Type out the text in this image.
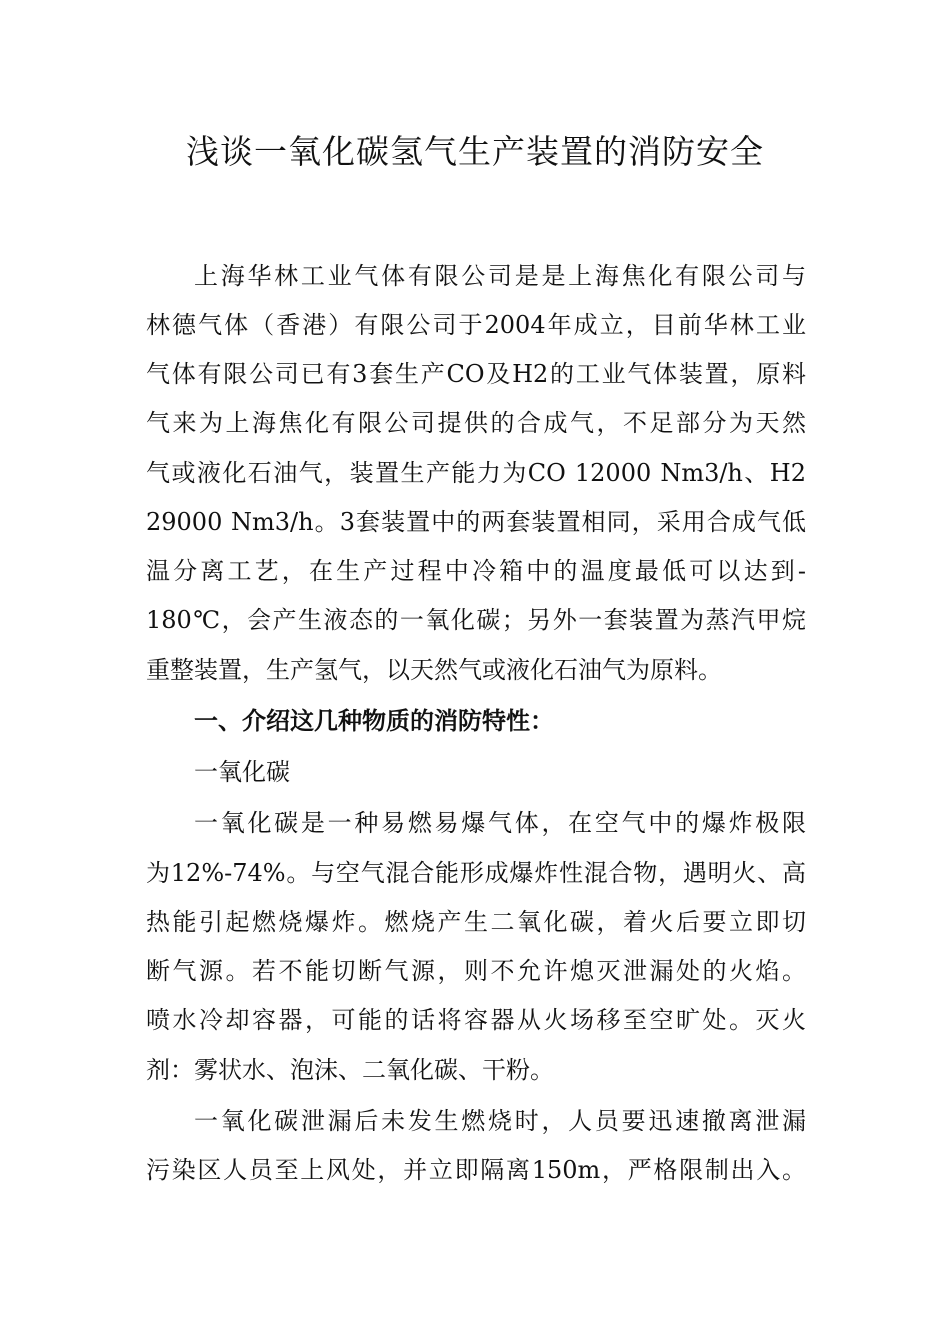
浅谈一氧化碳氢气生产装置的消防安全
上海华林工业气体有限公司是是上海焦化有限公司与
林德气体（香港）有限公司于2004年成立，目前华林工业
气体有限公司已有3套生产CO及H2的工业气体装置，原料
气来为上海焦化有限公司提供的合成气，不足部分为天然
气或液化石油气，装置生产能力为CO 12000 Nm3/h、H2
29000 Nm3/h。3套装置中的两套装置相同，采用合成气低
温分离工艺，在生产过程中冷箱中的温度最低可以达到-
180℃，会产生液态的一氧化碳；另外一套装置为蒸汽甲烷
重整装置，生产氢气，以天然气或液化石油气为原料。
一、介绍这几种物质的消防特性：
一氧化碳
一氧化碳是一种易燃易爆气体，在空气中的爆炸极限
为12%-74%。与空气混合能形成爆炸性混合物，遇明火、高
热能引起燃烧爆炸。燃烧产生二氧化碳，着火后要立即切
断气源。若不能切断气源，则不允许熄灭泄漏处的火焰。
喷水冷却容器，可能的话将容器从火场移至空旷处。灭火
剂：雾状水、泡沫、二氧化碳、干粉。
一氧化碳泄漏后未发生燃烧时，人员要迅速撤离泄漏
污染区人员至上风处，并立即隔离150m，严格限制出入。
